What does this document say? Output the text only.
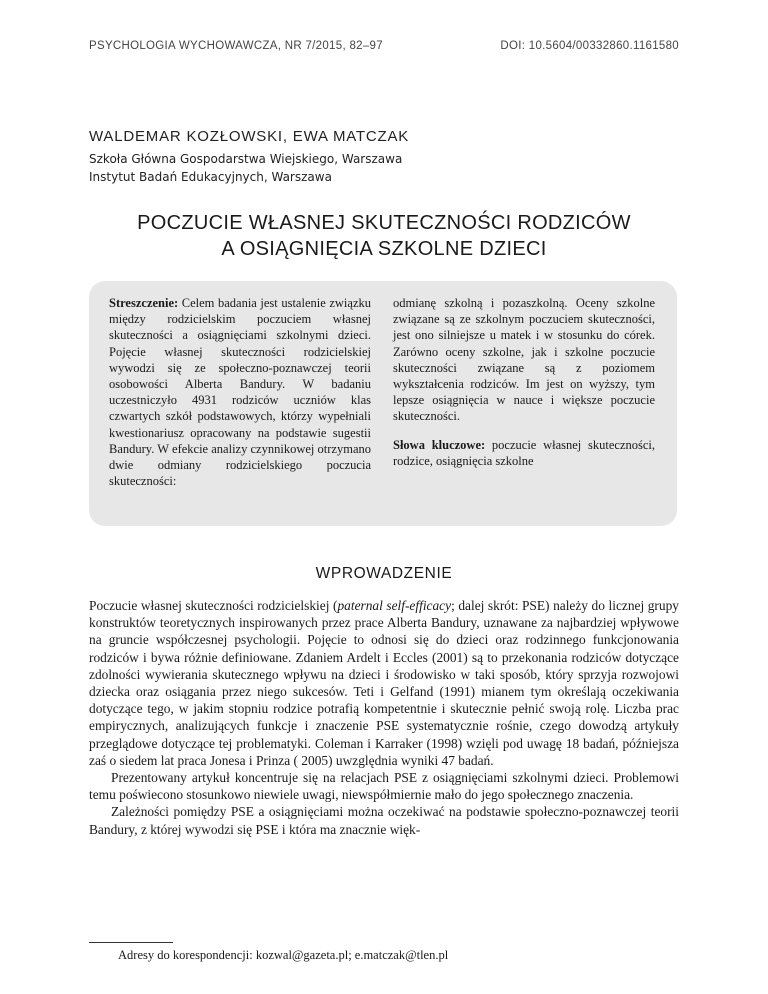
PSYCHOLOGIA WYCHOWAWCZA, NR 7/2015, 82–97	DOI: 10.5604/00332860.1161580
WALDEMAR KOZŁOWSKI, EWA MATCZAK
Szkoła Główna Gospodarstwa Wiejskiego, Warszawa
Instytut Badań Edukacyjnych, Warszawa
POCZUCIE WŁASNEJ SKUTECZNOŚCI RODZICÓW
A OSIĄGNIĘCIA SZKOLNE DZIECI
Streszczenie: Celem badania jest ustalenie związku między rodzicielskim poczuciem własnej skuteczności a osiągnięciami szkolnymi dzieci. Pojęcie własnej skuteczności rodzicielskiej wywodzi się ze społeczno-poznawczej teorii osobowości Alberta Bandury. W badaniu uczestniczyło 4931 rodziców uczniów klas czwartych szkół podstawowych, którzy wypełniali kwestionariusz opracowany na podstawie sugestii Bandury. W efekcie analizy czynnikowej otrzymano dwie odmiany rodzicielskiego poczucia skuteczności:
odmianę szkolną i pozaszkolną. Oceny szkolne związane są ze szkolnym poczuciem skuteczności, jest ono silniejsze u matek i w stosunku do córek. Zarówno oceny szkolne, jak i szkolne poczucie skuteczności związane są z poziomem wykształcenia rodziców. Im jest on wyższy, tym lepsze osiągnięcia w nauce i większe poczucie skuteczności.
Słowa kluczowe: poczucie własnej skuteczności, rodzice, osiągnięcia szkolne
WPROWADZENIE

Poczucie własnej skuteczności rodzicielskiej (paternal self-efficacy; dalej skrót: PSE) należy do licznej grupy konstruktów teoretycznych inspirowanych przez prace Alberta Bandury, uznawane za najbardziej wpływowe na gruncie współczesnej psychologii. Pojęcie to odnosi się do dzieci oraz rodzinnego funkcjonowania rodziców i bywa różnie definiowane. Zdaniem Ardelt i Eccles (2001) są to przekonania rodziców dotyczące zdolności wywierania skutecznego wpływu na dzieci i środowisko w taki sposób, który sprzyja rozwojowi dziecka oraz osiągania przez niego sukcesów. Teti i Gelfand (1991) mianem tym określają oczekiwania dotyczące tego, w jakim stopniu rodzice potrafią kompetentnie i skutecznie pełnić swoją rolę. Liczba prac empirycznych, analizujących funkcje i znaczenie PSE systematycznie rośnie, czego dowodzą artykuły przeglądowe dotyczące tej problematyki. Coleman i Karraker (1998) wzięli pod uwagę 18 badań, późniejsza zaś o siedem lat praca Jonesa i Prinza ( 2005) uwzględnia wyniki 47 badań.

Prezentowany artykuł koncentruje się na relacjach PSE z osiągnięciami szkolnymi dzieci. Problemowi temu poświecono stosunkowo niewiele uwagi, niewspółmiernie mało do jego społecznego znaczenia.

Zależności pomiędzy PSE a osiągnięciami można oczekiwać na podstawie społeczno-poznawczej teorii Bandury, z której wywodzi się PSE i która ma znacznie więk-

Adresy do korespondencji: kozwal@gazeta.pl; e.matczak@tlen.pl
